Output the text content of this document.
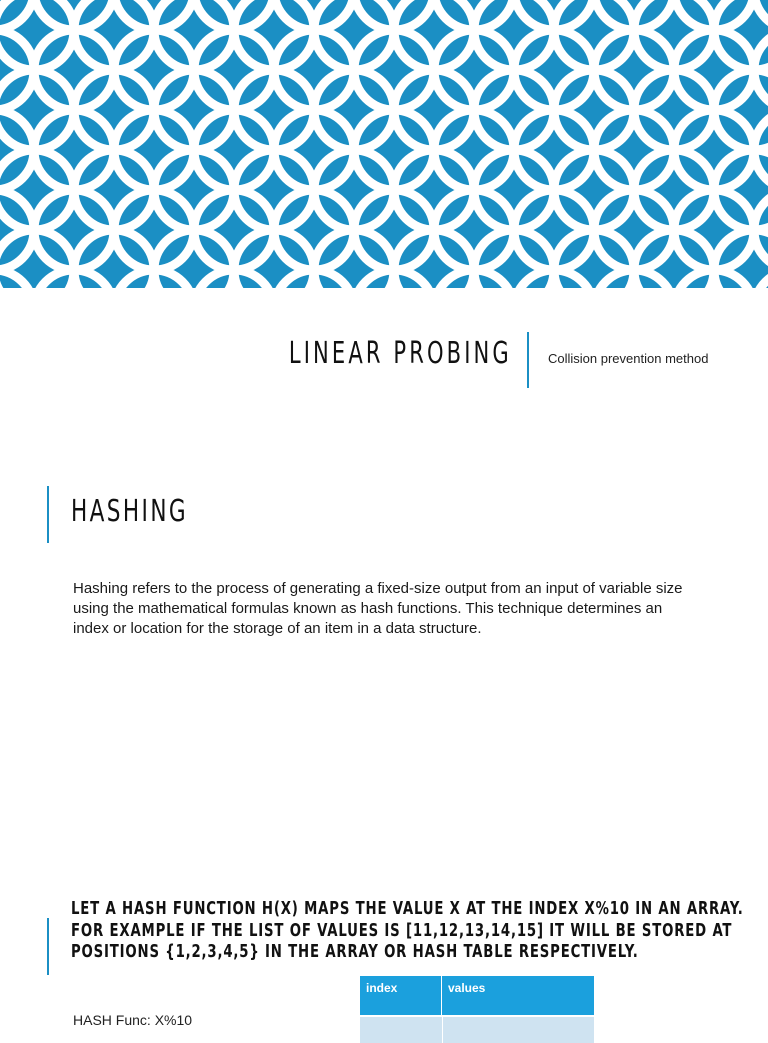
LINEAR PROBING	Collision prevention method
HASHING
Hashing refers to the process of generating a fixed-size output from an input of variable size using the mathematical formulas known as hash functions. This technique determines an index or location for the storage of an item in a data structure.
LET A HASH FUNCTION H(X) MAPS THE VALUE X AT THE INDEX X%10 IN AN ARRAY.
FOR EXAMPLE IF THE LIST OF VALUES IS [11,12,13,14,15] IT WILL BE STORED AT
POSITIONS {1,2,3,4,5} IN THE ARRAY OR HASH TABLE RESPECTIVELY.
HASH Func: X%10
index	values
